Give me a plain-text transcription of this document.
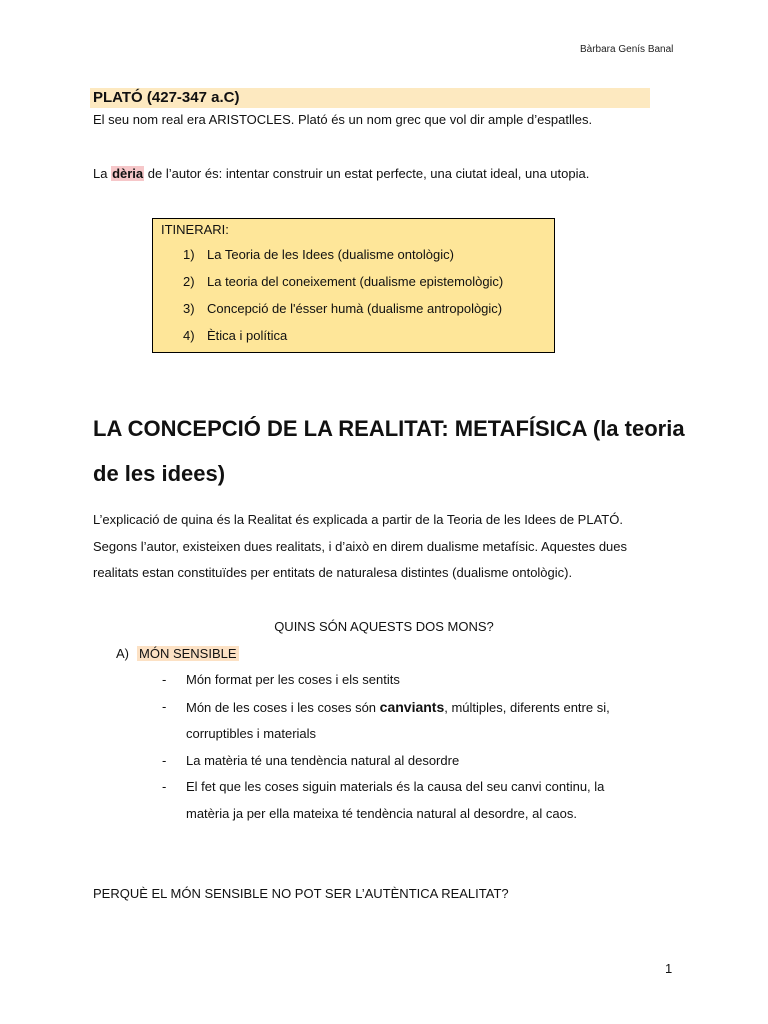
Bàrbara Genís Banal
PLATÓ (427-347 a.C)
El seu nom real era ARISTOCLES. Plató és un nom grec que vol dir ample d’espatlles.
La dèria de l’autor és: intentar construir un estat perfecte, una ciutat ideal, una utopia.
ITINERARI:
1) La Teoria de les Idees (dualisme ontològic)
2) La teoria del coneixement (dualisme epistemològic)
3) Concepció de l'ésser humà (dualisme antropològic)
4) Ètica i política
LA CONCEPCIÓ DE LA REALITAT: METAFÍSICA (la teoria
de les idees)
L’explicació de quina és la Realitat és explicada a partir de la Teoria de les Idees de PLATÓ.
Segons l’autor, existeixen dues realitats, i d’això en direm dualisme metafísic. Aquestes dues
realitats estan constituïdes per entitats de naturalesa distintes (dualisme ontològic).
QUINS SÓN AQUESTS DOS MONS?
A) MÓN SENSIBLE
- Món format per les coses i els sentits
- Món de les coses i les coses són canviants, múltiples, diferents entre si,
corruptibles i materials
- La matèria té una tendència natural al desordre
- El fet que les coses siguin materials és la causa del seu canvi continu, la
matèria ja per ella mateixa té tendència natural al desordre, al caos.
PERQUÈ EL MÓN SENSIBLE NO POT SER L’AUTÈNTICA REALITAT?
1
